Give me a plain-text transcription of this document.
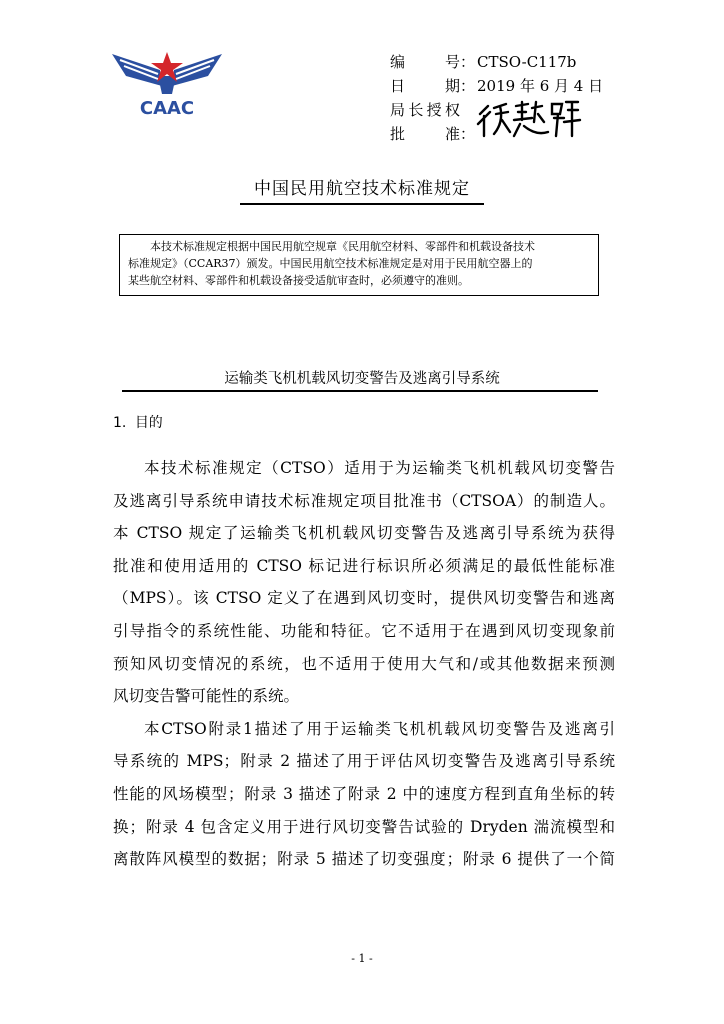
CAAC
编　号 ： CTSO-C117b
日　期 ： 2019 年 6 月 4 日
局长授权
批　准 ：
中国民用航空技术标准规定
本技术标准规定根据中国民用航空规章《民用航空材料、零部件和机载设备技术
标准规定》（CCAR37）颁发。中国民用航空技术标准规定是对用于民用航空器上的
某些航空材料、零部件和机载设备接受适航审查时，必须遵守的准则。
运输类飞机机载风切变警告及逃离引导系统
1. 目的
本技术标准规定（CTSO）适用于为运输类飞机机载风切变警告
及逃离引导系统申请技术标准规定项目批准书（CTSOA）的制造人。
本 CTSO 规定了运输类飞机机载风切变警告及逃离引导系统为获得
批准和使用适用的 CTSO 标记进行标识所必须满足的最低性能标准
（MPS）。该 CTSO 定义了在遇到风切变时，提供风切变警告和逃离
引导指令的系统性能、功能和特征。它不适用于在遇到风切变现象前
预知风切变情况的系统，也不适用于使用大气和/或其他数据来预测
风切变告警可能性的系统。
本CTSO附录1描述了用于运输类飞机机载风切变警告及逃离引
导系统的 MPS；附录 2 描述了用于评估风切变警告及逃离引导系统
性能的风场模型；附录 3 描述了附录 2 中的速度方程到直角坐标的转
换；附录 4 包含定义用于进行风切变警告试验的 Dryden 湍流模型和
离散阵风模型的数据；附录 5 描述了切变强度；附录 6 提供了一个简
- 1 -
